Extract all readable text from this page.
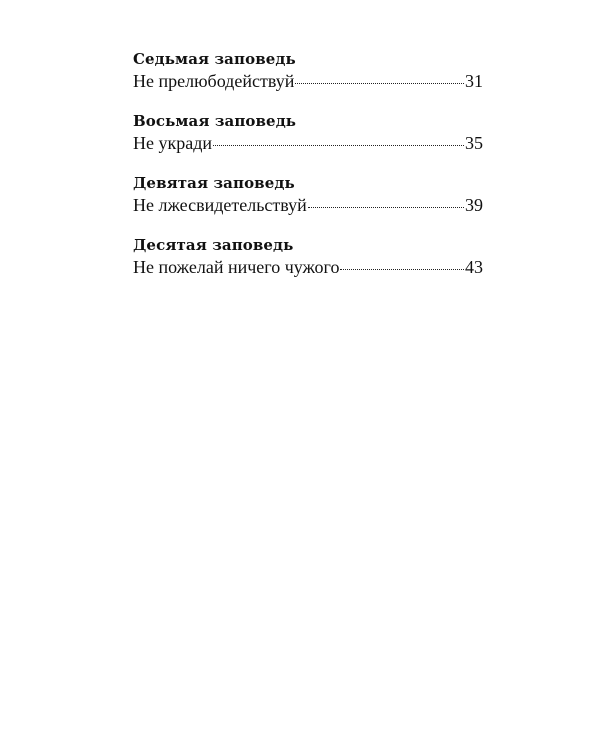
Седьмая заповедь
Не прелюбодействуй	31
Восьмая заповедь
Не укради	35
Девятая заповедь
Не лжесвидетельствуй	39
Десятая заповедь
Не пожелай ничего чужого	43
